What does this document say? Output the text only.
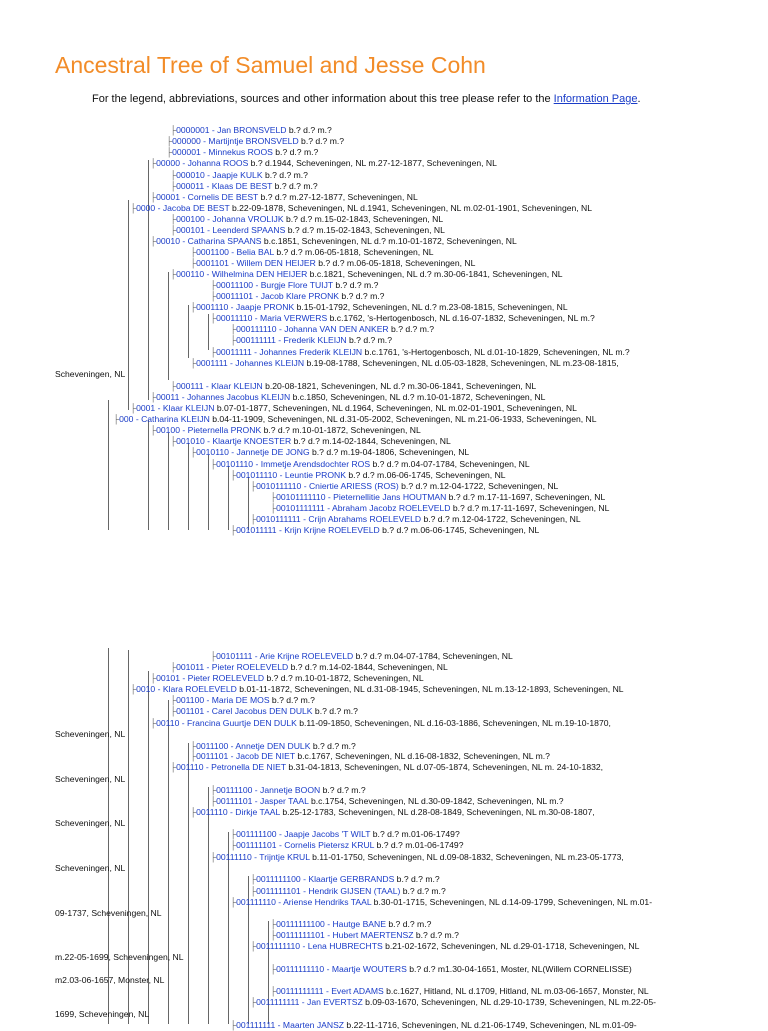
Ancestral Tree of Samuel and Jesse Cohn
For the legend, abbreviations, sources and other information about this tree please refer to the Information Page.
├0000001 - Jan BRONSVELD b.? d.? m.?
├000000 - Martijntje BRONSVELD b.? d.? m.?
├000001 - Minnekus ROOS b.? d.? m.?
├00000 - Johanna ROOS b.? d.1944, Scheveningen, NL m.27-12-1877, Scheveningen, NL
├000010 - Jaapje KULK b.? d.? m.?
├000011 - Klaas DE BEST b.? d.? m.?
├00001 - Cornelis DE BEST b.? d.? m.27-12-1877, Scheveningen, NL
├0000 - Jacoba DE BEST b.22-09-1878, Scheveningen, NL d.1941, Scheveningen, NL m.02-01-1901, Scheveningen, NL
├000100 - Johanna VROLIJK b.? d.? m.15-02-1843, Scheveningen, NL
├000101 - Leenderd SPAANS b.? d.? m.15-02-1843, Scheveningen, NL
├00010 - Catharina SPAANS b.c.1851, Scheveningen, NL d.? m.10-01-1872, Scheveningen, NL
├0001100 - Belia BAL b.? d.? m.06-05-1818, Scheveningen, NL
├0001101 - Willem DEN HEIJER b.? d.? m.06-05-1818, Scheveningen, NL
├000110 - Wilhelmina DEN HEIJER b.c.1821, Scheveningen, NL d.? m.30-06-1841, Scheveningen, NL
├00011100 - Burgje Flore TUIJT b.? d.? m.?
├00011101 - Jacob Klare PRONK b.? d.? m.?
├0001110 - Jaapje PRONK b.15-01-1792, Scheveningen, NL d.? m.23-08-1815, Scheveningen, NL
├00011110 - Maria VERWERS b.c.1762, 's-Hertogenbosch, NL d.16-07-1832, Scheveningen, NL m.?
├000111110 - Johanna VAN DEN ANKER b.? d.? m.?
├000111111 - Frederik KLEIJN b.? d.? m.?
├00011111 - Johannes Frederik KLEIJN b.c.1761, 's-Hertogenbosch, NL d.01-10-1829, Scheveningen, NL m.?
├0001111 - Johannes KLEIJN b.19-08-1788, Scheveningen, NL d.05-03-1828, Scheveningen, NL m.23-08-1815,
Scheveningen, NL
├000111 - Klaar KLEIJN b.20-08-1821, Scheveningen, NL d.? m.30-06-1841, Scheveningen, NL
├00011 - Johannes Jacobus KLEIJN b.c.1850, Scheveningen, NL d.? m.10-01-1872, Scheveningen, NL
├0001 - Klaar KLEIJN b.07-01-1877, Scheveningen, NL d.1964, Scheveningen, NL m.02-01-1901, Scheveningen, NL
├000 - Catharina KLEIJN b.04-11-1909, Scheveningen, NL d.31-05-2002, Scheveningen, NL m.21-06-1933, Scheveningen, NL
├00100 - Pieternella PRONK b.? d.? m.10-01-1872, Scheveningen, NL
├001010 - Klaartje KNOESTER b.? d.? m.14-02-1844, Scheveningen, NL
├0010110 - Jannetje DE JONG b.? d.? m.19-04-1806, Scheveningen, NL
├00101110 - Immetje Arendsdochter ROS b.? d.? m.04-07-1784, Scheveningen, NL
├001011110 - Leuntie PRONK b.? d.? m.06-06-1745, Scheveningen, NL
├0010111110 - Cniertie ARIESS (ROS) b.? d.? m.12-04-1722, Scheveningen, NL
├00101111110 - Pieternellitie Jans HOUTMAN b.? d.? m.17-11-1697, Scheveningen, NL
├00101111111 - Abraham Jacobz ROELEVELD b.? d.? m.17-11-1697, Scheveningen, NL
├0010111111 - Crijn Abrahams ROELEVELD b.? d.? m.12-04-1722, Scheveningen, NL
├001011111 - Krijn Krijne ROELEVELD b.? d.? m.06-06-1745, Scheveningen, NL
├00101111 - Arie Krijne ROELEVELD b.? d.? m.04-07-1784, Scheveningen, NL
├001011 - Pieter ROELEVELD b.? d.? m.14-02-1844, Scheveningen, NL
├00101 - Pieter ROELEVELD b.? d.? m.10-01-1872, Scheveningen, NL
├0010 - Klara ROELEVELD b.01-11-1872, Scheveningen, NL d.31-08-1945, Scheveningen, NL m.13-12-1893, Scheveningen, NL
├001100 - Maria DE MOS b.? d.? m.?
├001101 - Carel Jacobus DEN DULK b.? d.? m.?
├00110 - Francina Guurtje DEN DULK b.11-09-1850, Scheveningen, NL d.16-03-1886, Scheveningen, NL m.19-10-1870,
Scheveningen, NL
├0011100 - Annetje DEN DULK b.? d.? m.?
├0011101 - Jacob DE NIET b.c.1767, Scheveningen, NL d.16-08-1832, Scheveningen, NL m.?
├001110 - Petronella DE NIET b.31-04-1813, Scheveningen, NL d.07-05-1874, Scheveningen, NL m. 24-10-1832,
Scheveningen, NL
├00111100 - Jannetje BOON b.? d.? m.?
├00111101 - Jasper TAAL b.c.1754, Scheveningen, NL d.30-09-1842, Scheveningen, NL m.?
├0011110 - Dirkje TAAL b.25-12-1783, Scheveningen, NL d.28-08-1849, Scheveningen, NL m.30-08-1807,
Scheveningen, NL
├001111100 - Jaapje Jacobs 'T WILT b.? d.? m.01-06-1749?
├001111101 - Cornelis Pietersz KRUL b.? d.? m.01-06-1749?
├00111110 - Trijntje KRUL b.11-01-1750, Scheveningen, NL d.09-08-1832, Scheveningen, NL m.23-05-1773,
Scheveningen, NL
├0011111100 - Klaartje GERBRANDS b.? d.? m.?
├0011111101 - Hendrik GIJSEN (TAAL) b.? d.? m.?
├001111110 - Ariense Hendriks TAAL b.30-01-1715, Scheveningen, NL d.14-09-1799, Scheveningen, NL m.01-
09-1737, Scheveningen, NL
├00111111100 - Hautge BANE b.? d.? m.?
├00111111101 - Hubert MAERTENSZ b.? d.? m.?
├0011111110 - Lena HUBRECHTS b.21-02-1672, Scheveningen, NL d.29-01-1718, Scheveningen, NL
m.22-05-1699, Scheveningen, NL
├00111111110 - Maartje WOUTERS b.? d.? m1.30-04-1651, Moster, NL(Willem CORNELISSE)
m2.03-06-1657, Monster, NL
├00111111111 - Evert ADAMS b.c.1627, Hitland, NL d.1709, Hitland, NL m.03-06-1657, Monster, NL
├0011111111 - Jan EVERTSZ b.09-03-1670, Scheveningen, NL d.29-10-1739, Scheveningen, NL m.22-05-
1699, Scheveningen, NL
├001111111 - Maarten JANSZ b.22-11-1716, Scheveningen, NL d.21-06-1749, Scheveningen, NL m.01-09-
